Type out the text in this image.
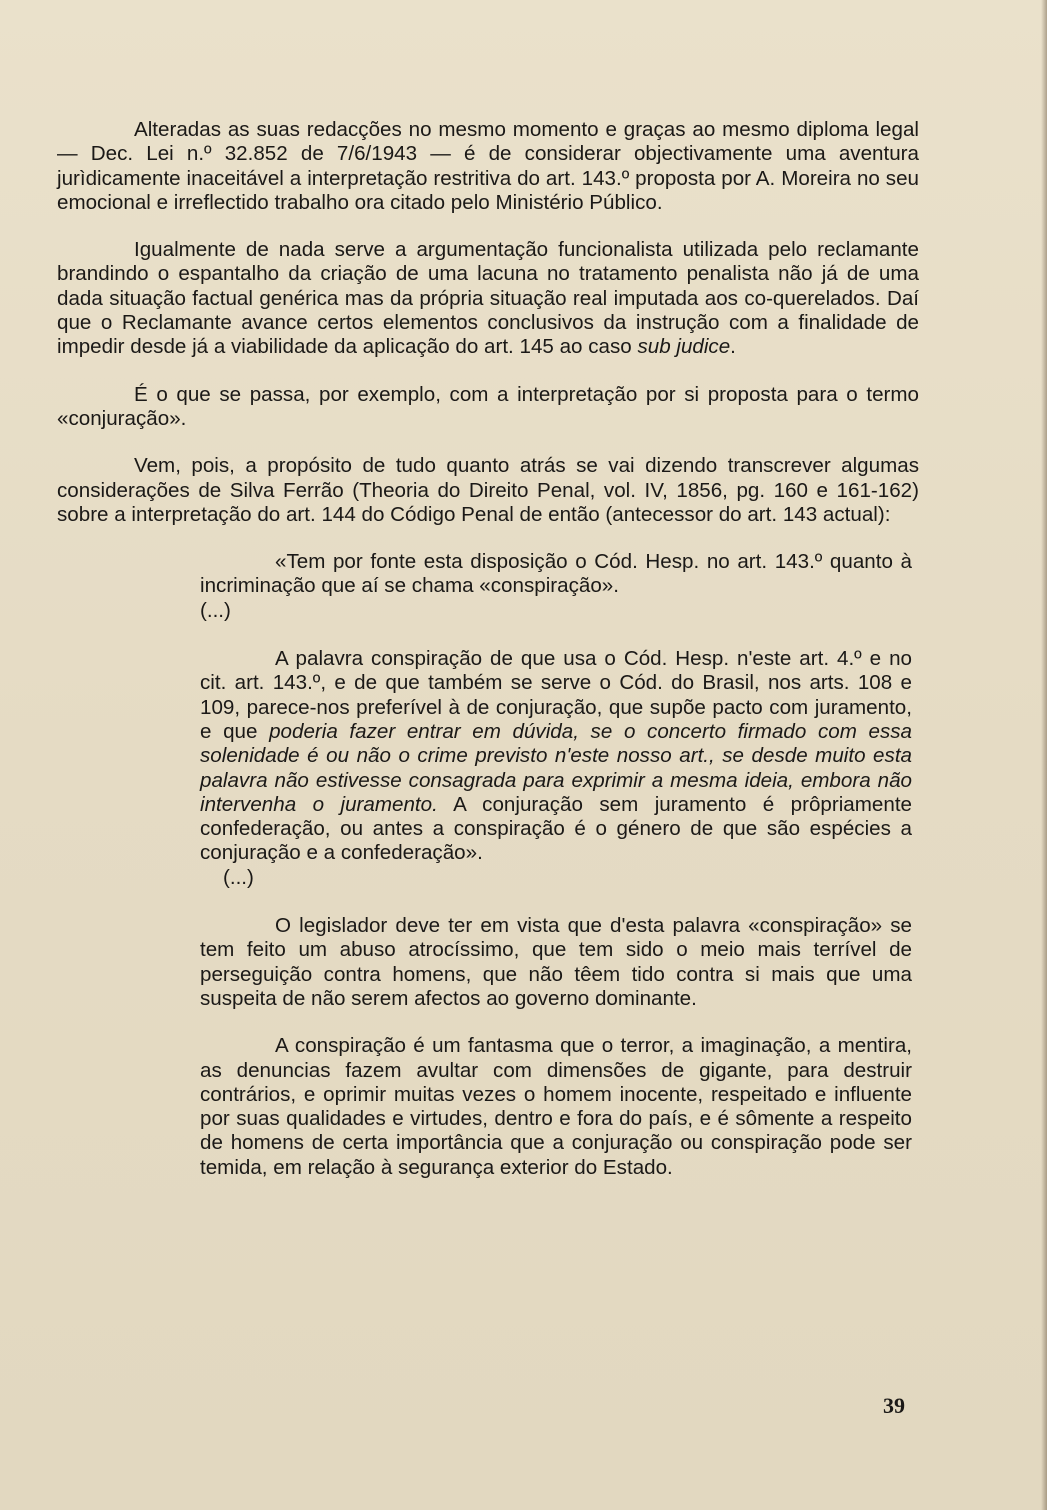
Alteradas as suas redacções no mesmo momento e graças ao mesmo diploma legal — Dec. Lei n.º 32.852 de 7/6/1943 — é de considerar objectivamente uma aventura jurìdicamente inaceitável a interpretação restritiva do art. 143.º proposta por A. Moreira no seu emocional e irreflectido trabalho ora citado pelo Ministério Público.

Igualmente de nada serve a argumentação funcionalista utilizada pelo reclamante brandindo o espantalho da criação de uma lacuna no tratamento penalista não já de uma dada situação factual genérica mas da própria situação real imputada aos co-querelados. Daí que o Reclamante avance certos elementos conclusivos da instrução com a finalidade de impedir desde já a viabilidade da aplicação do art. 145 ao caso sub judice.

É o que se passa, por exemplo, com a interpretação por si proposta para o termo «conjuração».

Vem, pois, a propósito de tudo quanto atrás se vai dizendo transcrever algumas considerações de Silva Ferrão (Theoria do Direito Penal, vol. IV, 1856, pg. 160 e 161-162) sobre a interpretação do art. 144 do Código Penal de então (antecessor do art. 143 actual):

«Tem por fonte esta disposição o Cód. Hesp. no art. 143.º quanto à incriminação que aí se chama «conspiração».

(...)

A palavra conspiração de que usa o Cód. Hesp. n'este art. 4.º e no cit. art. 143.º, e de que também se serve o Cód. do Brasil, nos arts. 108 e 109, parece-nos preferível à de conjuração, que supõe pacto com juramento, e que poderia fazer entrar em dúvida, se o concerto firmado com essa solenidade é ou não o crime previsto n'este nosso art., se desde muito esta palavra não estivesse consagrada para exprimir a mesma ideia, embora não intervenha o juramento. A conjuração sem juramento é prôpriamente confederação, ou antes a conspiração é o género de que são espécies a conjuração e a confederação».

(...)

O legislador deve ter em vista que d'esta palavra «conspiração» se tem feito um abuso atrocíssimo, que tem sido o meio mais terrível de perseguição contra homens, que não têem tido contra si mais que uma suspeita de não serem afectos ao governo dominante.

A conspiração é um fantasma que o terror, a imaginação, a mentira, as denuncias fazem avultar com dimensões de gigante, para destruir contrários, e oprimir muitas vezes o homem inocente, respeitado e influente por suas qualidades e virtudes, dentro e fora do país, e é sômente a respeito de homens de certa importância que a conjuração ou conspiração pode ser temida, em relação à segurança exterior do Estado.

39
